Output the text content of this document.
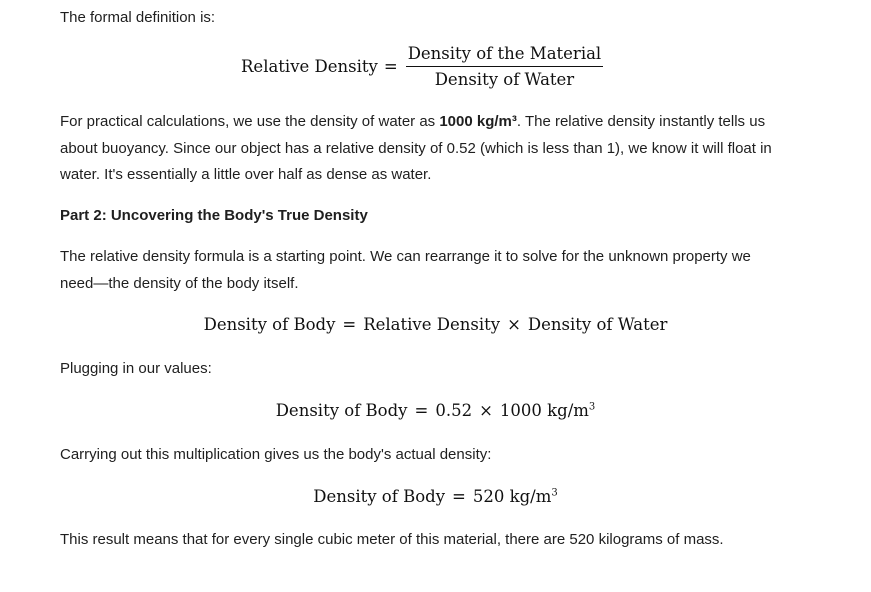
The formal definition is:

Relative Density = $\frac{\text{Density of the Material}}{\text{Density of Water}}$

For practical calculations, we use the density of water as 1000 kg/m³. The relative density instantly tells us about buoyancy. Since our object has a relative density of 0.52 (which is less than 1), we know it will float in water. It's essentially a little over half as dense as water.

Part 2: Uncovering the Body's True Density

The relative density formula is a starting point. We can rearrange it to solve for the unknown property we need—the density of the body itself.

Density of Body = Relative Density × Density of Water

Plugging in our values:

Density of Body = 0.52 × 1000 $kg/m^3$

Carrying out this multiplication gives us the body's actual density:

Density of Body = 520 $kg/m^3$

This result means that for every single cubic meter of this material, there are 520 kilograms of mass.
